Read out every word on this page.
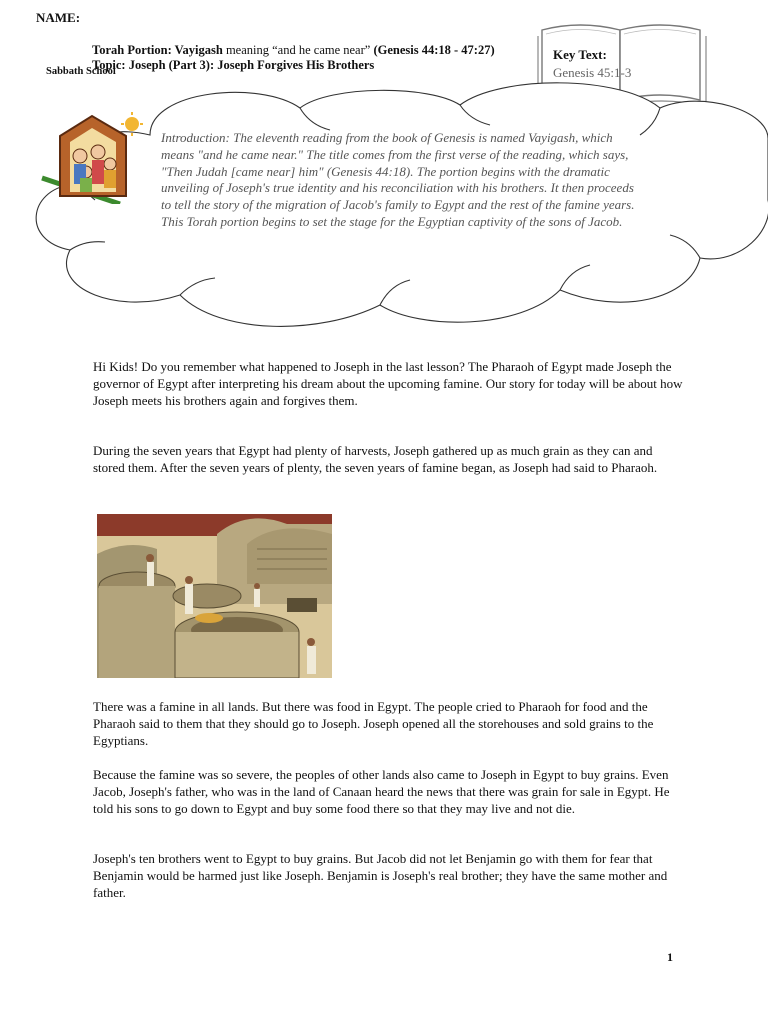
NAME:
Torah Portion: Vayigash meaning “and he came near” (Genesis 44:18 - 47:27)
Topic: Joseph (Part 3): Joseph Forgives His Brothers
Sabbath School
Key Text:
Genesis 45:1-3
Introduction: The eleventh reading from the book of Genesis is named Vayigash, which means "and he came near." The title comes from the first verse of the reading, which says, "Then Judah [came near] him" (Genesis 44:18). The portion begins with the dramatic unveiling of Joseph's true identity and his reconciliation with his brothers. It then proceeds to tell the story of the migration of Jacob's family to Egypt and the rest of the famine years. This Torah portion begins to set the stage for the Egyptian captivity of the sons of Jacob.

Hi Kids! Do you remember what happened to Joseph in the last lesson? The Pharaoh of Egypt made Joseph the governor of Egypt after interpreting his dream about the upcoming famine. Our story for today will be about how Joseph meets his brothers again and forgives them.

During the seven years that Egypt had plenty of harvests, Joseph gathered up as much grain as they can and stored them. After the seven years of plenty, the seven years of famine began, as Joseph had said to Pharaoh.

There was a famine in all lands. But there was food in Egypt. The people cried to Pharaoh for food and the Pharaoh said to them that they should go to Joseph. Joseph opened all the storehouses and sold grains to the Egyptians.

Because the famine was so severe, the peoples of other lands also came to Joseph in Egypt to buy grains. Even Jacob, Joseph's father, who was in the land of Canaan heard the news that there was grain for sale in Egypt. He told his sons to go down to Egypt and buy some food there so that they may live and not die.

Joseph's ten brothers went to Egypt to buy grains. But Jacob did not let Benjamin go with them for fear that Benjamin would be harmed just like Joseph. Benjamin is Joseph's real brother; they have the same mother and father.

1
